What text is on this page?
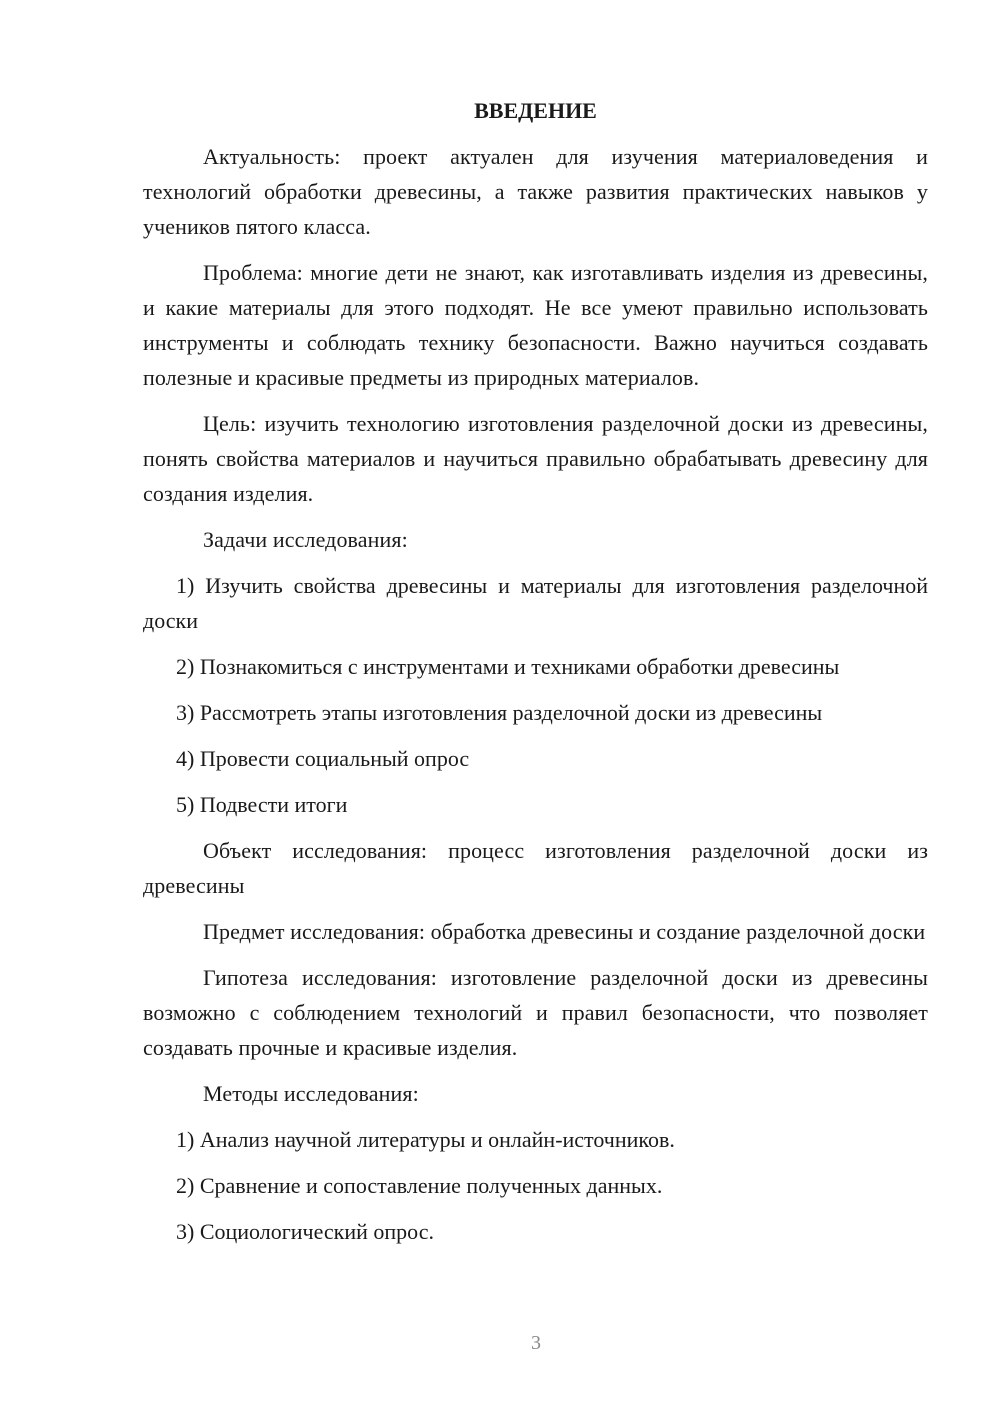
ВВЕДЕНИЕ

Актуальность: проект актуален для изучения материаловедения и технологий обработки древесины, а также развития практических навыков у учеников пятого класса.

Проблема: многие дети не знают, как изготавливать изделия из древесины, и какие материалы для этого подходят. Не все умеют правильно использовать инструменты и соблюдать технику безопасности. Важно научиться создавать полезные и красивые предметы из природных материалов.

Цель: изучить технологию изготовления разделочной доски из древесины, понять свойства материалов и научиться правильно обрабатывать древесину для создания изделия.

Задачи исследования:

1) Изучить свойства древесины и материалы для изготовления разделочной доски

2) Познакомиться с инструментами и техниками обработки древесины

3) Рассмотреть этапы изготовления разделочной доски из древесины

4) Провести социальный опрос

5) Подвести итоги

Объект исследования: процесс изготовления разделочной доски из древесины

Предмет исследования: обработка древесины и создание разделочной доски

Гипотеза исследования: изготовление разделочной доски из древесины возможно с соблюдением технологий и правил безопасности, что позволяет создавать прочные и красивые изделия.

Методы исследования:

1) Анализ научной литературы и онлайн-источников.

2) Сравнение и сопоставление полученных данных.

3) Социологический опрос.

3
